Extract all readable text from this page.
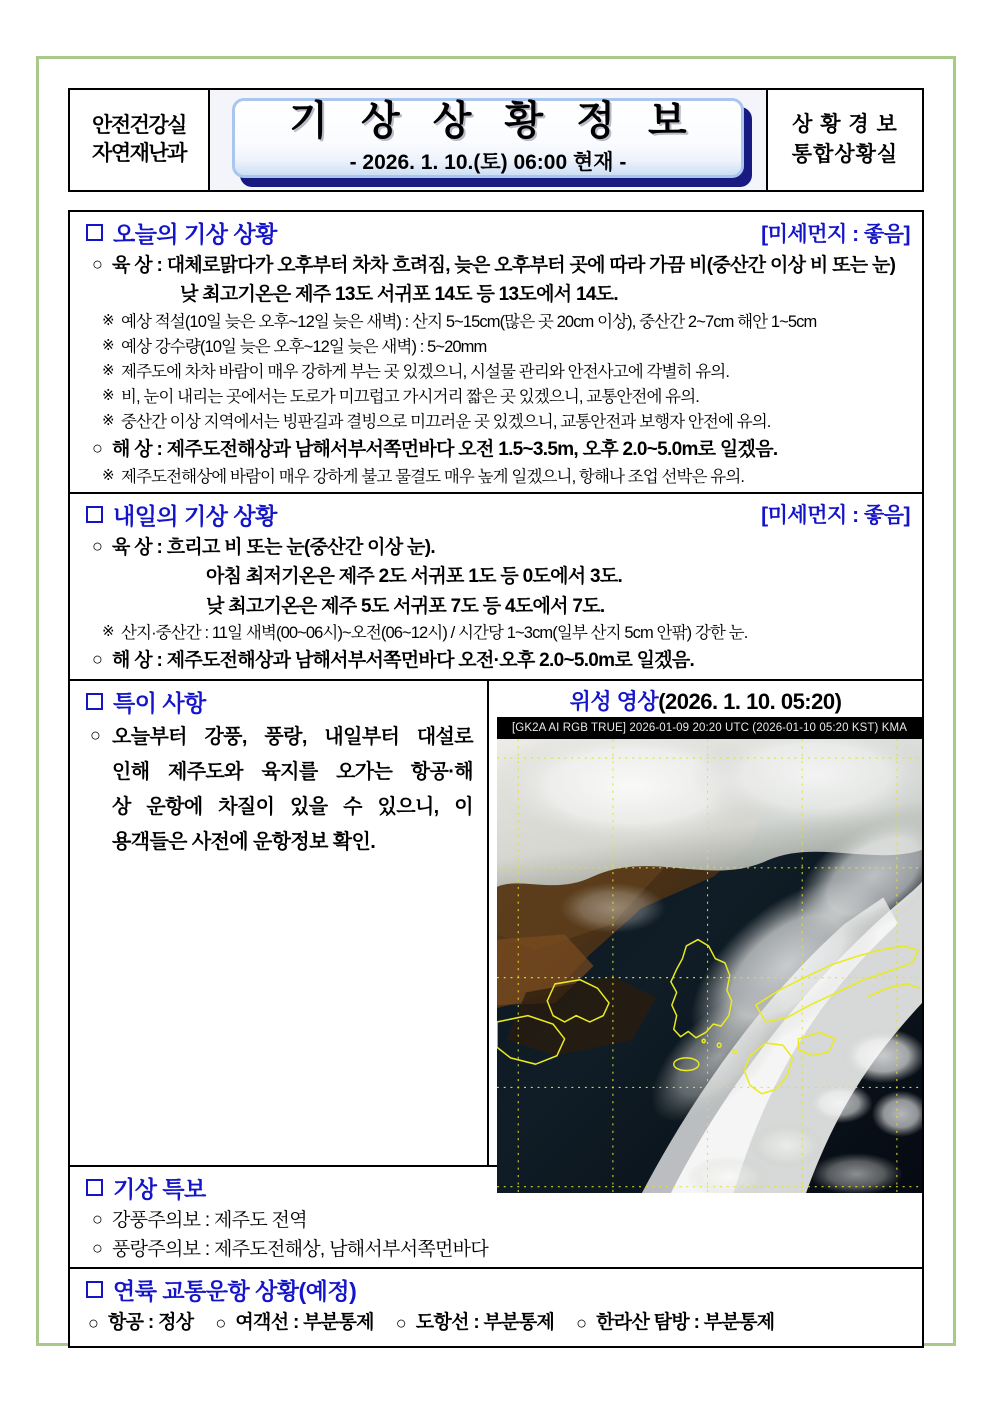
안전건강실
자연재난과
기 상 상 황 정 보
- 2026. 1. 10.(토) 06:00 현재 -
상 황 경 보
통합상황실
오늘의 기상 상황	[미세먼지 : 좋음]
○ 육 상 : 대체로맑다가 오후부터 차차 흐려짐, 늦은 오후부터 곳에 따라 가끔 비(중산간 이상 비 또는 눈)
낮 최고기온은 제주 13도 서귀포 14도 등 13도에서 14도.
※ 예상 적설(10일 늦은 오후~12일 늦은 새벽) : 산지 5~15cm(많은 곳 20cm 이상), 중산간 2~7cm 해안 1~5cm
※ 예상 강수량(10일 늦은 오후~12일 늦은 새벽) : 5~20mm
※ 제주도에 차차 바람이 매우 강하게 부는 곳 있겠으니, 시설물 관리와 안전사고에 각별히 유의.
※ 비, 눈이 내리는 곳에서는 도로가 미끄럽고 가시거리 짧은 곳 있겠으니, 교통안전에 유의.
※ 중산간 이상 지역에서는 빙판길과 결빙으로 미끄러운 곳 있겠으니, 교통안전과 보행자 안전에 유의.
○ 해 상 : 제주도전해상과 남해서부서쪽먼바다 오전 1.5~3.5m, 오후 2.0~5.0m로 일겠음.
※ 제주도전해상에 바람이 매우 강하게 불고 물결도 매우 높게 일겠으니, 항해나 조업 선박은 유의.
내일의 기상 상황	[미세먼지 : 좋음]
○ 육 상 : 흐리고 비 또는 눈(중산간 이상 눈).
아침 최저기온은 제주 2도 서귀포 1도 등 0도에서 3도.
낮 최고기온은 제주 5도 서귀포 7도 등 4도에서 7도.
※ 산지·중산간 : 11일 새벽(00~06시)~오전(06~12시) / 시간당 1~3cm(일부 산지 5cm 안팎) 강한 눈.
○ 해 상 : 제주도전해상과 남해서부서쪽먼바다 오전·오후 2.0~5.0m로 일겠음.
특이 사항
○ 오늘부터 강풍, 풍랑, 내일부터 대설로
인해 제주도와 육지를 오가는 항공·해
상 운항에 차질이 있을 수 있으니, 이
용객들은 사전에 운항정보 확인.
위성 영상(2026. 1. 10. 05:20)
[GK2A AI RGB TRUE] 2026-01-09 20:20 UTC (2026-01-10 05:20 KST) KMA
기상 특보
○ 강풍주의보 : 제주도 전역
○ 풍랑주의보 : 제주도전해상, 남해서부서쪽먼바다
연륙 교통운항 상황(예정)
○ 항공 : 정상 ○ 여객선 : 부분통제 ○ 도항선 : 부분통제 ○ 한라산 탐방 : 부분통제
